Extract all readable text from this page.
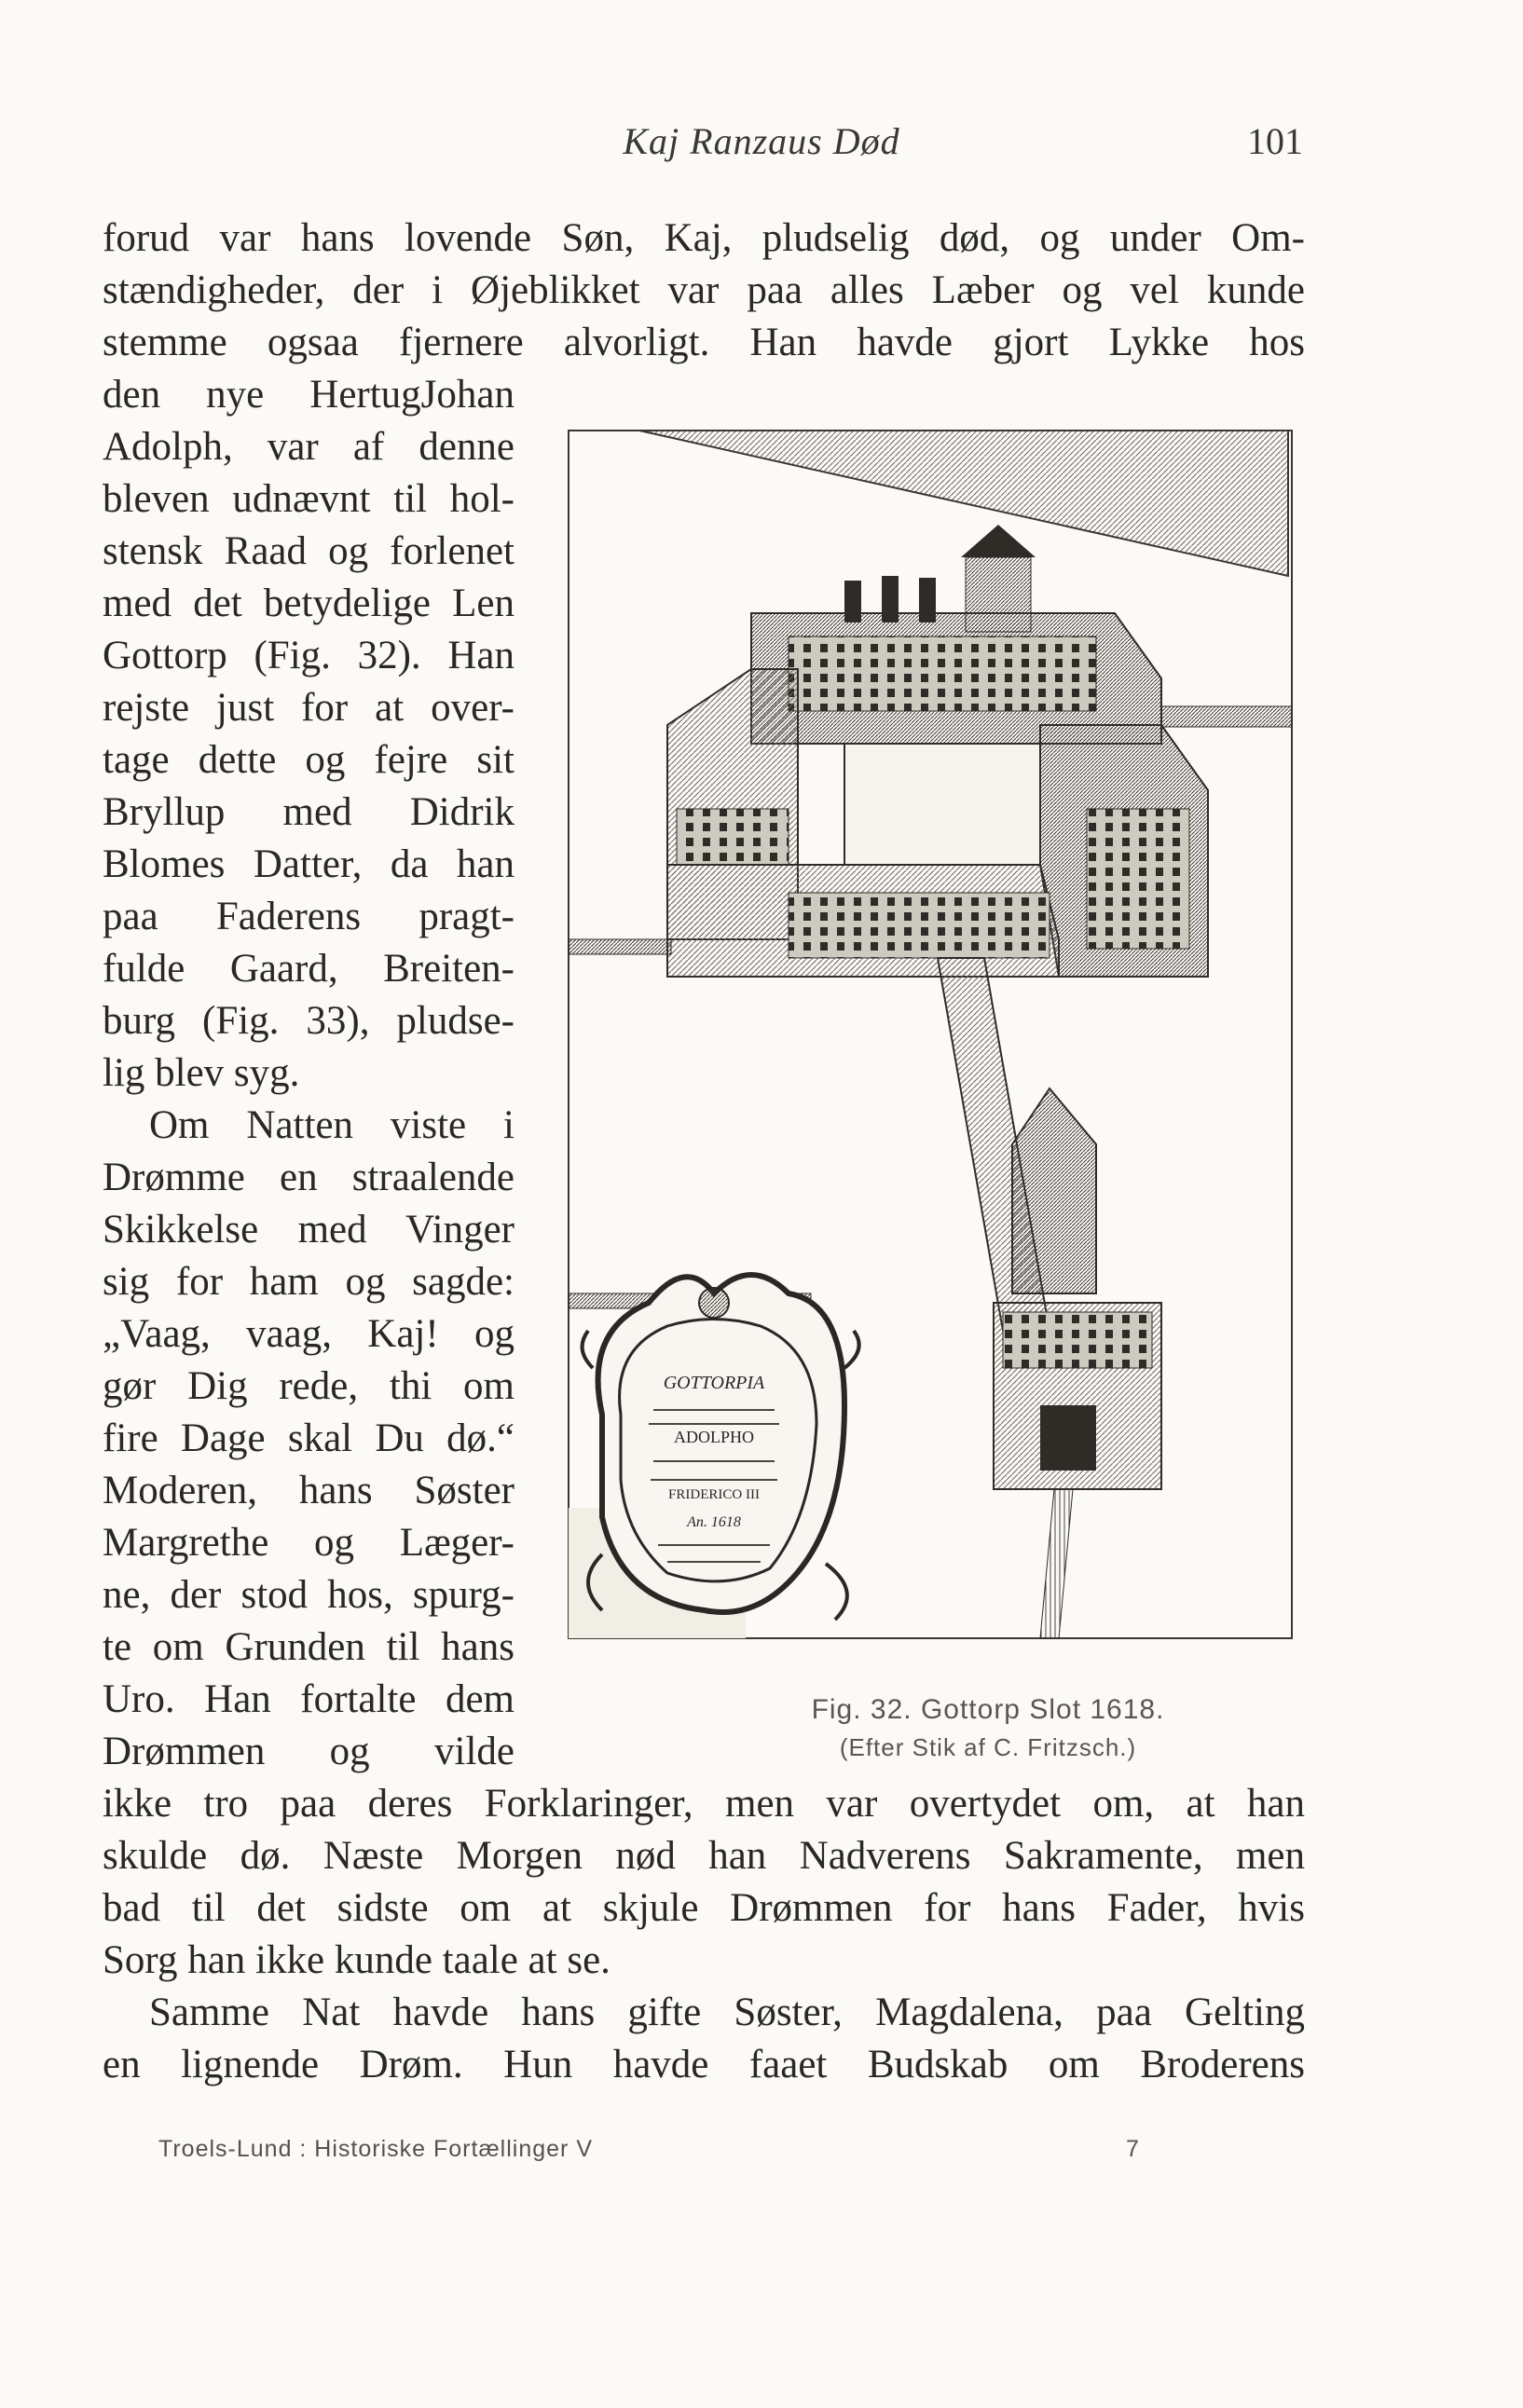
Kaj Ranzaus Død	101
forud var hans lovende Søn, Kaj, pludselig død, og under Om-
stændigheder, der i Øjeblikket var paa alles Læber og vel kunde
stemme ogsaa fjernere alvorligt. Han havde gjort Lykke hos
den nye HertugJohan
Adolph, var af denne
bleven udnævnt til hol-
stensk Raad og forlenet
med det betydelige Len
Gottorp (Fig. 32). Han
rejste just for at over-
tage dette og fejre sit
Bryllup med Didrik
Blomes Datter, da han
paa Faderens pragt-
fulde Gaard, Breiten-
burg (Fig. 33), pludse-
lig blev syg.
Om Natten viste i
Drømme en straalende
Skikkelse med Vinger
sig for ham og sagde:
„Vaag, vaag, Kaj! og
gør Dig rede, thi om
fire Dage skal Du dø.“
Moderen, hans Søster
Margrethe og Læger-
ne, der stod hos, spurg-
te om Grunden til hans
Uro. Han fortalte dem
Drømmen og vilde
GOTTORPIA
ADOLPHO
FRIDERICO III
An. 1618
Fig. 32. Gottorp Slot 1618.
(Efter Stik af C. Fritzsch.)
ikke tro paa deres Forklaringer, men var overtydet om, at han
skulde dø. Næste Morgen nød han Nadverens Sakramente, men
bad til det sidste om at skjule Drømmen for hans Fader, hvis
Sorg han ikke kunde taale at se.
Samme Nat havde hans gifte Søster, Magdalena, paa Gelting
en lignende Drøm. Hun havde faaet Budskab om Broderens
Troels-Lund : Historiske Fortællinger V	7
